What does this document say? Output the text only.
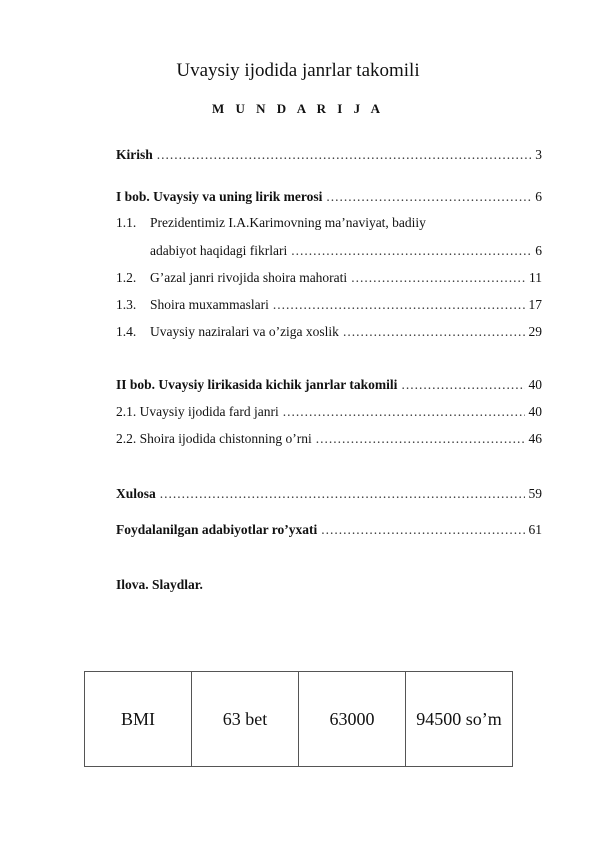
Uvaysiy ijodida janrlar takomili
M U N D A R I J A
Kirish .....	3
I bob. Uvaysiy va uning lirik merosi .....	6
1.1.	Prezidentimiz I.A.Karimovning ma’naviyat, badiiy
adabiyot haqidagi fikrlari .....	6
1.2.	G’azal janri rivojida shoira mahorati .....	11
1.3.	Shoira muxammaslari .....	17
1.4.	Uvaysiy naziralari va o’ziga xoslik .....	29
II bob. Uvaysiy lirikasida kichik janrlar takomili .....	40
2.1. Uvaysiy ijodida fard janri .....	40
2.2. Shoira ijodida chistonning o’rni .....	46
Xulosa .....	59
Foydalanilgan adabiyotlar ro’yxati .....	61
Ilova. Slaydlar.
BMI	63 bet	63000	94500 so’m
